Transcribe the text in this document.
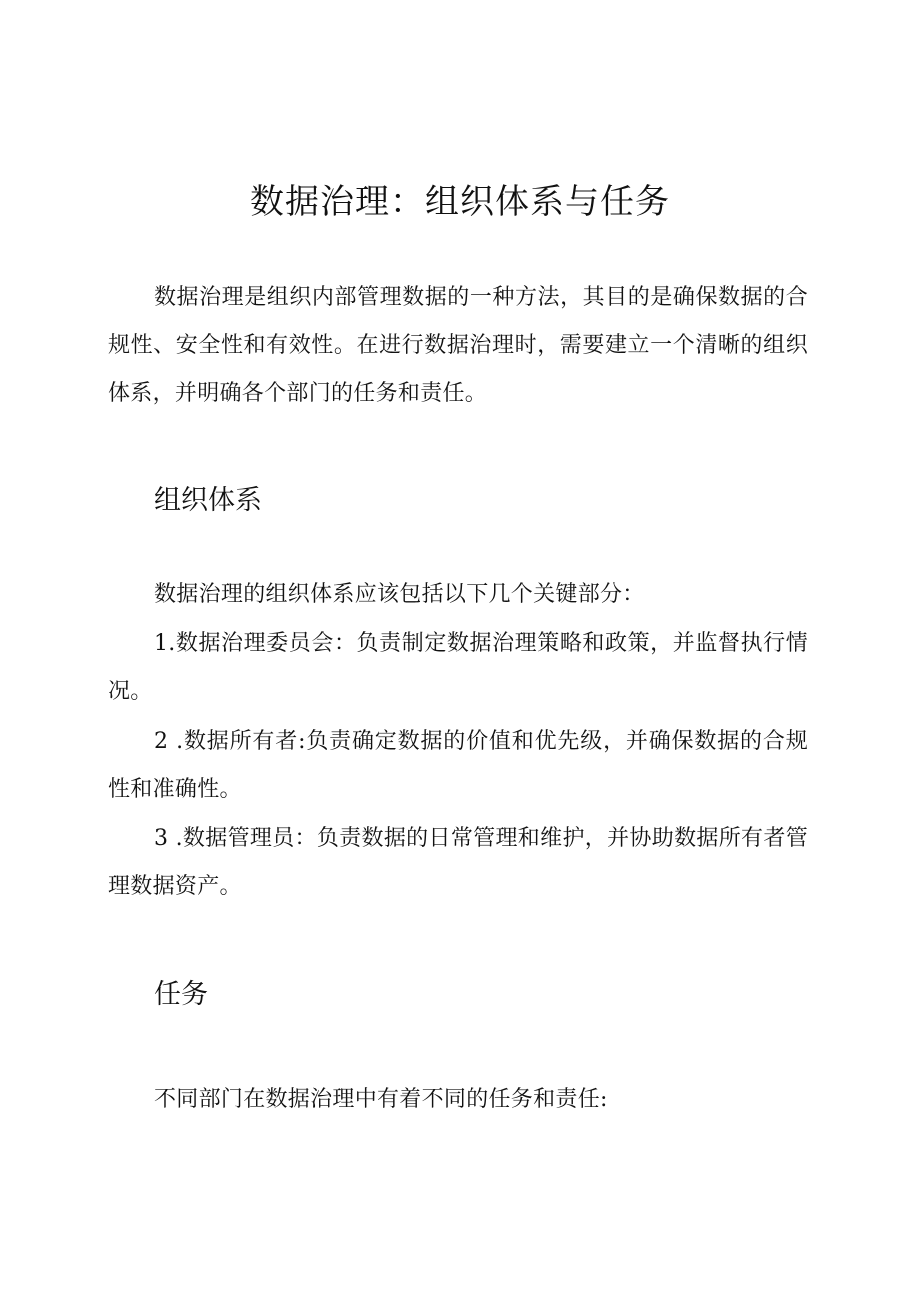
数据治理：组织体系与任务

数据治理是组织内部管理数据的一种方法，其目的是确保数据的合规性、安全性和有效性。在进行数据治理时，需要建立一个清晰的组织体系，并明确各个部门的任务和责任。

组织体系

数据治理的组织体系应该包括以下几个关键部分：

1.数据治理委员会：负责制定数据治理策略和政策，并监督执行情况。

2 .数据所有者:负责确定数据的价值和优先级，并确保数据的合规性和准确性。

3 .数据管理员：负责数据的日常管理和维护，并协助数据所有者管理数据资产。

任务

不同部门在数据治理中有着不同的任务和责任:
